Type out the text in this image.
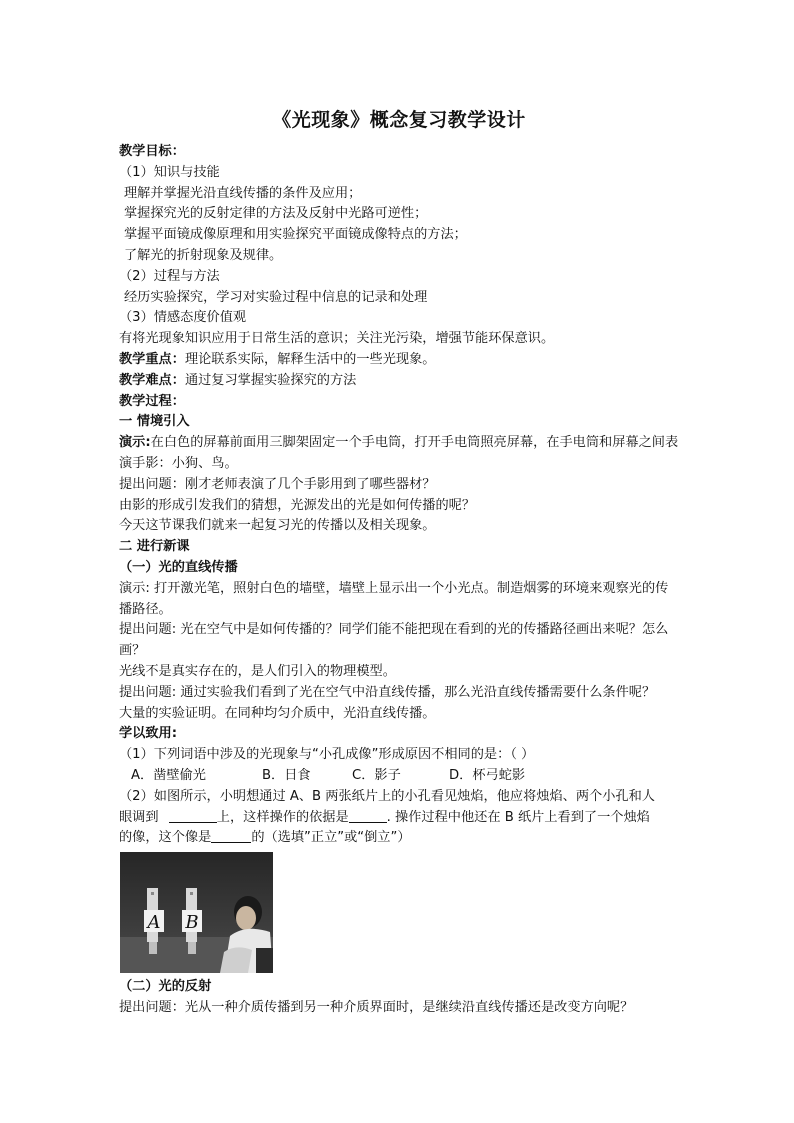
《光现象》概念复习教学设计
教学目标：
（1）知识与技能
理解并掌握光沿直线传播的条件及应用；
掌握探究光的反射定律的方法及反射中光路可逆性；
掌握平面镜成像原理和用实验探究平面镜成像特点的方法；
了解光的折射现象及规律。
（2）过程与方法
经历实验探究，学习对实验过程中信息的记录和处理
（3）情感态度价值观
有将光现象知识应用于日常生活的意识；关注光污染，增强节能环保意识。
教学重点：理论联系实际，解释生活中的一些光现象。
教学难点：通过复习掌握实验探究的方法
教学过程：
一 情境引入
演示:在白色的屏幕前面用三脚架固定一个手电筒，打开手电筒照亮屏幕，在手电筒和屏幕之间表演手影：小狗、鸟。
提出问题：刚才老师表演了几个手影用到了哪些器材？
由影的形成引发我们的猜想，光源发出的光是如何传播的呢？
今天这节课我们就来一起复习光的传播以及相关现象。
二 进行新课
（一）光的直线传播
演示: 打开激光笔，照射白色的墙壁，墙壁上显示出一个小光点。制造烟雾的环境来观察光的传播路径。
提出问题: 光在空气中是如何传播的？同学们能不能把现在看到的光的传播路径画出来呢？怎么画？
光线不是真实存在的，是人们引入的物理模型。
提出问题: 通过实验我们看到了光在空气中沿直线传播，那么光沿直线传播需要什么条件呢？
大量的实验证明。在同种均匀介质中，光沿直线传播。
学以致用:
（1）下列词语中涉及的光现象与“小孔成像”形成原因不相同的是：（ ）
A．凿壁偷光	B．日食	C．影子	D．杯弓蛇影
（2）如图所示，小明想通过 A、B 两张纸片上的小孔看见烛焰，他应将烛焰、两个小孔和人
眼调到	上，这样操作的依据是	. 操作过程中他还在 B 纸片上看到了一个烛焰
的像，这个像是	的（选填”正立”或“倒立”）
A B
（二）光的反射
提出问题：光从一种介质传播到另一种介质界面时，是继续沿直线传播还是改变方向呢？
